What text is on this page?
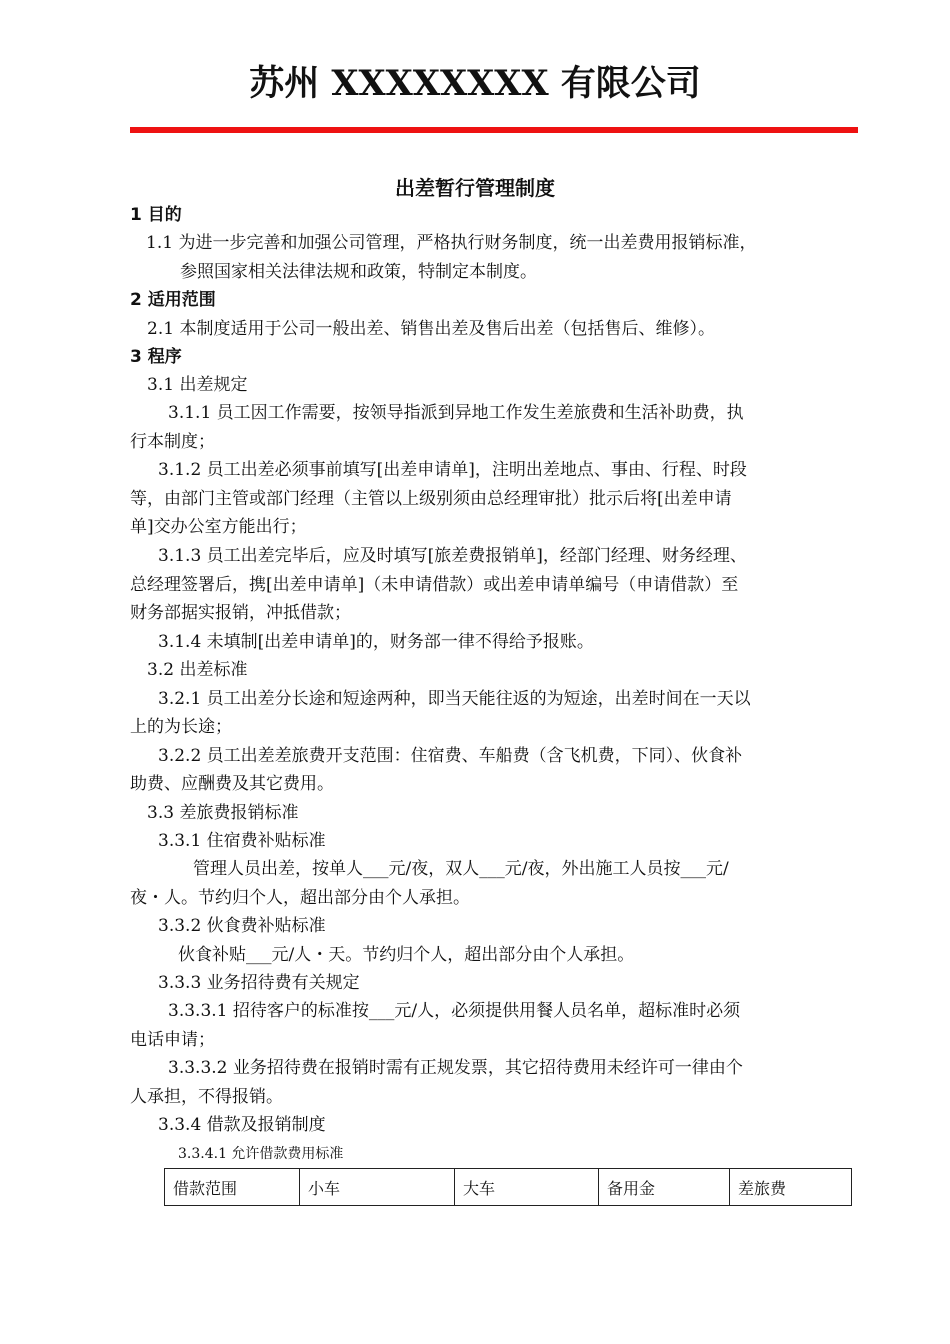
苏州 XXXXXXXX 有限公司
出差暂行管理制度
1 目的
1.1 为进一步完善和加强公司管理，严格执行财务制度，统一出差费用报销标准，
参照国家相关法律法规和政策，特制定本制度。
2 适用范围
2.1 本制度适用于公司一般出差、销售出差及售后出差（包括售后、维修）。
3 程序
3.1 出差规定
3.1.1 员工因工作需要，按领导指派到异地工作发生差旅费和生活补助费，执
行本制度；
3.1.2 员工出差必须事前填写[出差申请单]，注明出差地点、事由、行程、时段
等，由部门主管或部门经理（主管以上级别须由总经理审批）批示后将[出差申请
单]交办公室方能出行；
3.1.3 员工出差完毕后，应及时填写[旅差费报销单]，经部门经理、财务经理、
总经理签署后，携[出差申请单]（未申请借款）或出差申请单编号（申请借款）至
财务部据实报销，冲抵借款；
3.1.4 未填制[出差申请单]的，财务部一律不得给予报账。
3.2 出差标准
3.2.1 员工出差分长途和短途两种，即当天能往返的为短途，出差时间在一天以
上的为长途；
3.2.2 员工出差差旅费开支范围：住宿费、车船费（含飞机费，下同）、伙食补
助费、应酬费及其它费用。
3.3 差旅费报销标准
3.3.1 住宿费补贴标准
管理人员出差，按单人___元/夜，双人___元/夜，外出施工人员按___元/
夜・人。节约归个人，超出部分由个人承担。
3.3.2 伙食费补贴标准
伙食补贴___元/人・天。节约归个人，超出部分由个人承担。
3.3.3 业务招待费有关规定
3.3.3.1 招待客户的标准按___元/人，必须提供用餐人员名单，超标准时必须
电话申请；
3.3.3.2 业务招待费在报销时需有正规发票，其它招待费用未经许可一律由个
人承担，不得报销。
3.3.4 借款及报销制度
3.3.4.1 允许借款费用标准
借款范围	小车	大车	备用金	差旅费
